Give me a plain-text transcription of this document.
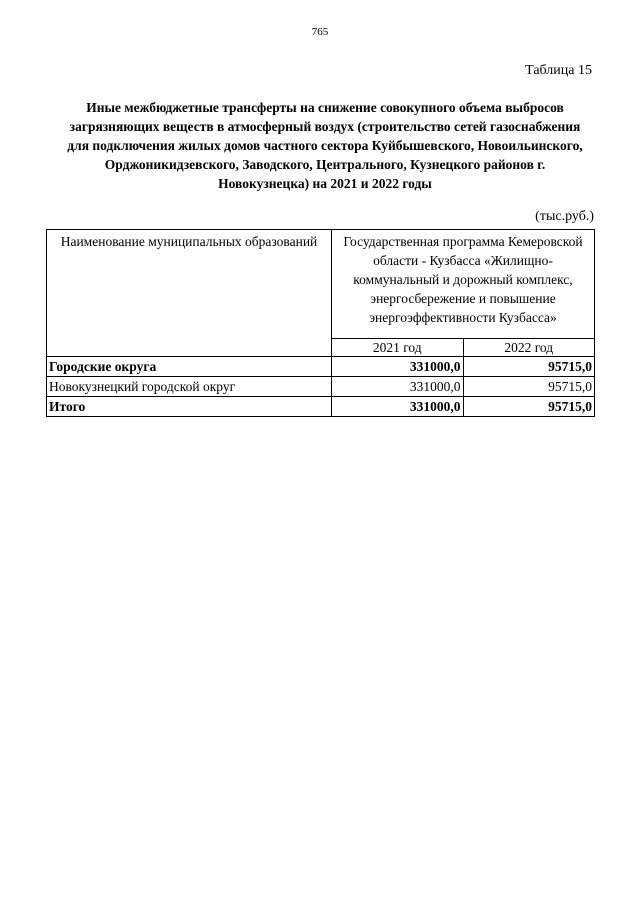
765
Таблица 15
Иные межбюджетные трансферты на снижение совокупного объема выбросов
загрязняющих веществ в атмосферный воздух (строительство сетей газоснабжения
для подключения жилых домов частного сектора Куйбышевского, Новоильинского,
Орджоникидзевского, Заводского, Центрального, Кузнецкого районов г.
Новокузнецка) на 2021 и 2022 годы
(тыс.руб.)
Наименование муниципальных образований	Государственная программа Кемеровской
области - Кузбасса «Жилищно-
коммунальный и дорожный комплекс,
энергосбережение и повышение
энергоэффективности Кузбасса»	

	2021 год	2022 год
Городские округа	331000,0	95715,0
Новокузнецкий городской округ	331000,0	95715,0
Итого	331000,0	95715,0
